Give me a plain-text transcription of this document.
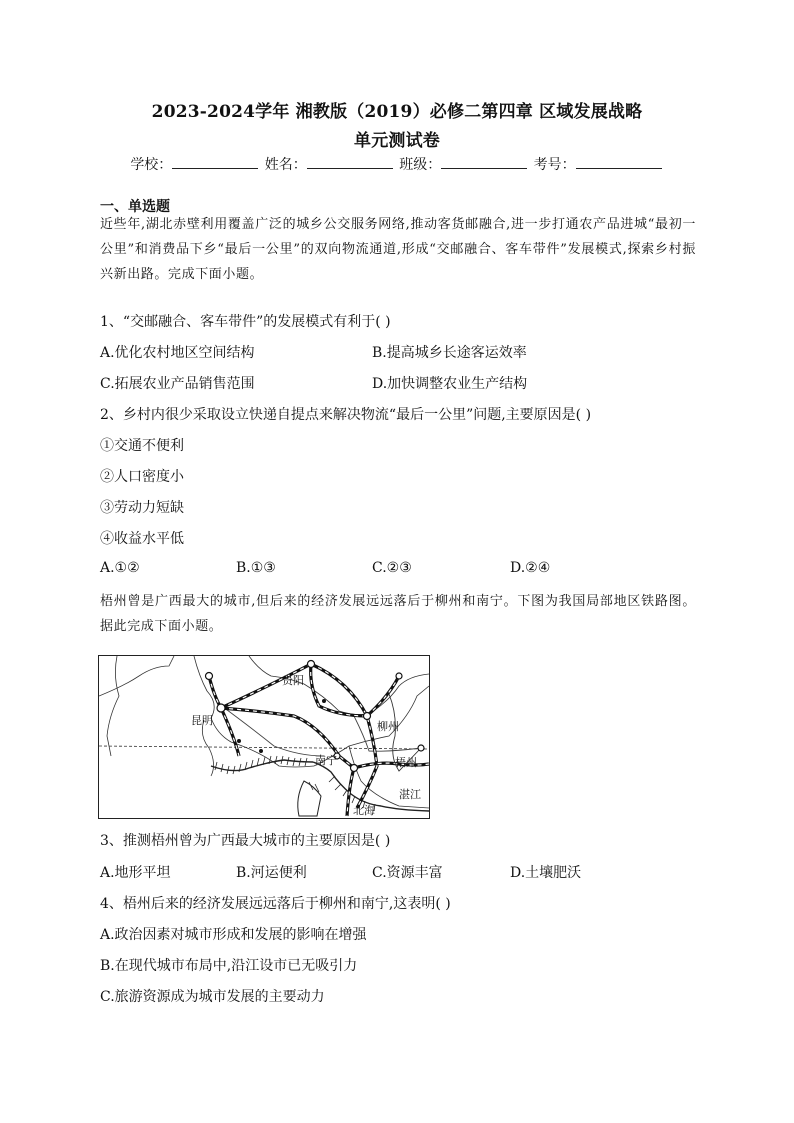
2023-2024学年 湘教版（2019）必修二第四章 区域发展战略
单元测试卷
学校：	姓名：	班级：	考号：
一、单选题
近些年,湖北赤壁利用覆盖广泛的城乡公交服务网络,推动客货邮融合,进一步打通农产品进城“最初一公里”和消费品下乡“最后一公里”的双向物流通道,形成“交邮融合、客车带件”发展模式,探索乡村振兴新出路。完成下面小题。
1、“交邮融合、客车带件”的发展模式有利于( )
A.优化农村地区空间结构	B.提高城乡长途客运效率
C.拓展农业产品销售范围	D.加快调整农业生产结构
2、乡村内很少采取设立快递自提点来解决物流“最后一公里”问题,主要原因是( )
①交通不便利
②人口密度小
③劳动力短缺
④收益水平低
A.①②	B.①③	C.②③	D.②④
梧州曾是广西最大的城市,但后来的经济发展远远落后于柳州和南宁。下图为我国局部地区铁路图。据此完成下面小题。
贵阳
昆明	柳州
南宁	梧州
湛江
北海
3、推测梧州曾为广西最大城市的主要原因是( )
A.地形平坦	B.河运便利	C.资源丰富	D.土壤肥沃
4、梧州后来的经济发展远远落后于柳州和南宁,这表明( )
A.政治因素对城市形成和发展的影响在增强
B.在现代城市布局中,沿江设市已无吸引力
C.旅游资源成为城市发展的主要动力
